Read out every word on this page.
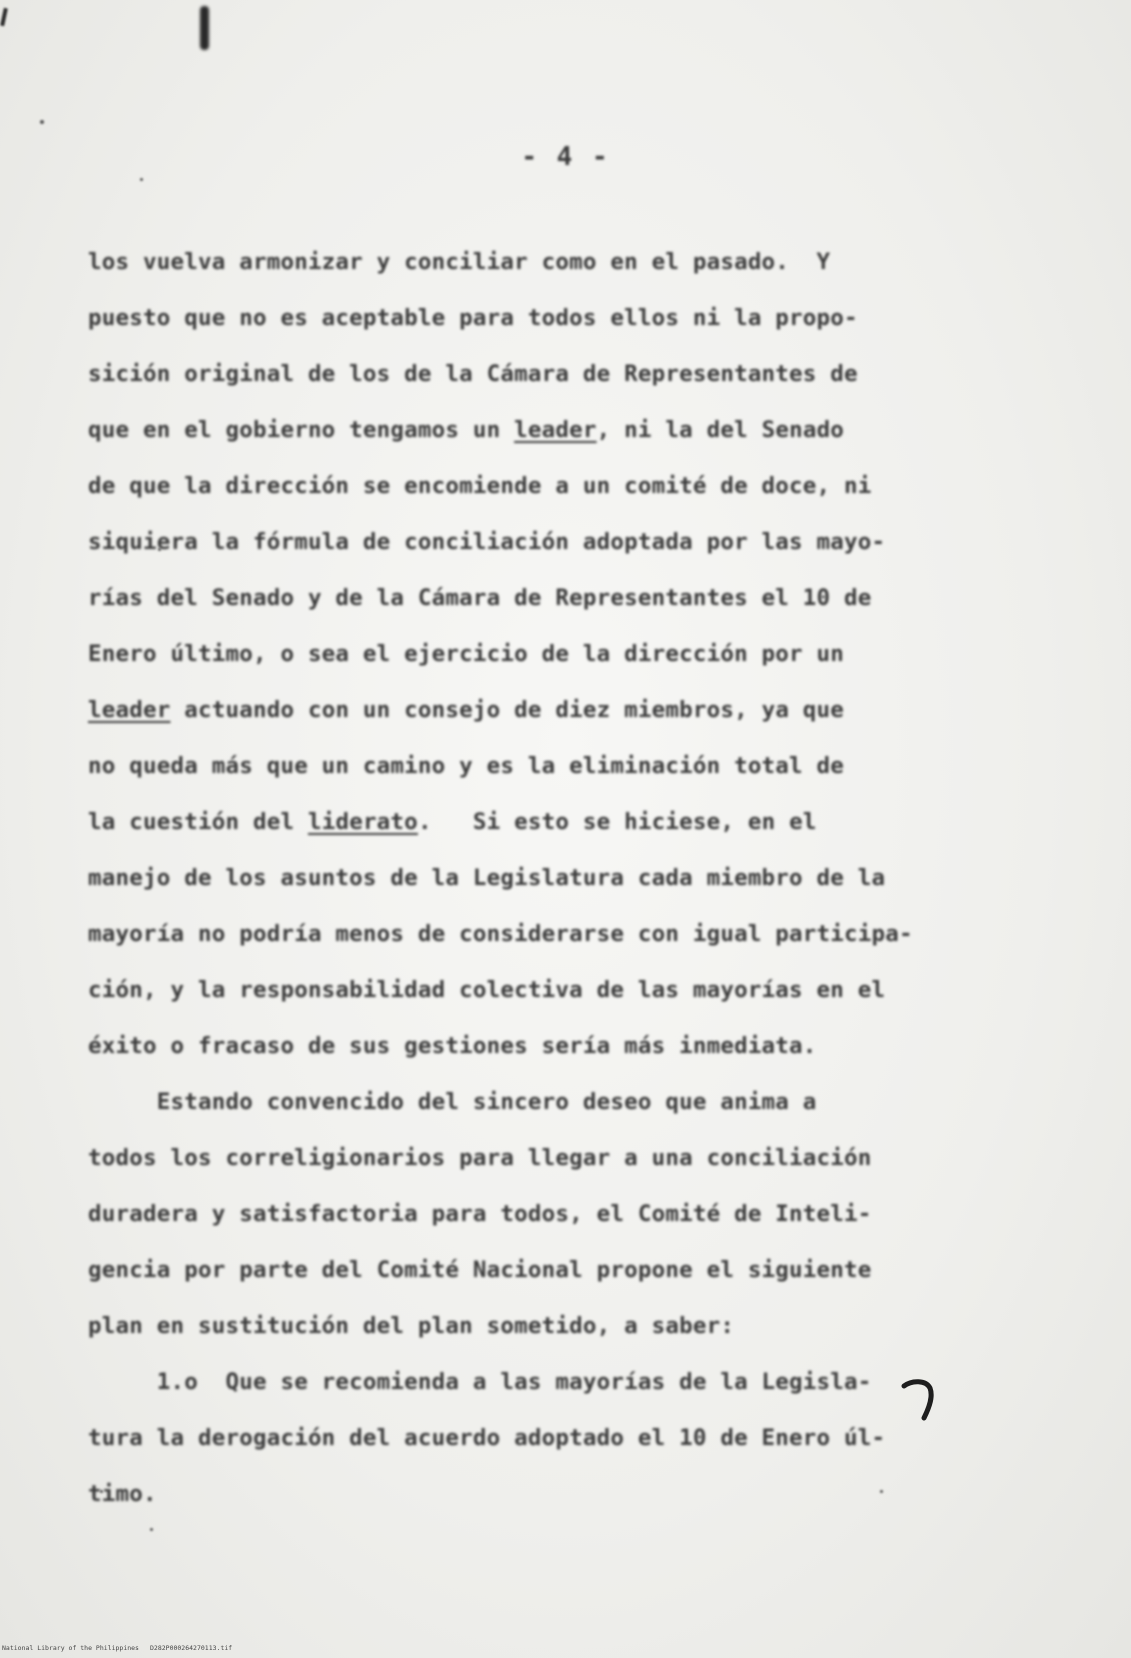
- 4 -
los vuelva armonizar y conciliar como en el pasado.  Y
puesto que no es aceptable para todos ellos ni la propo-
sición original de los de la Cámara de Representantes de
que en el gobierno tengamos un leader, ni la del Senado
de que la dirección se encomiende a un comité de doce, ni
siquiera la fórmula de conciliación adoptada por las mayo-
rías del Senado y de la Cámara de Representantes el 10 de
Enero último, o sea el ejercicio de la dirección por un
leader actuando con un consejo de diez miembros, ya que
no queda más que un camino y es la eliminación total de
la cuestión del liderato.   Si esto se hiciese, en el
manejo de los asuntos de la Legislatura cada miembro de la
mayoría no podría menos de considerarse con igual participa-
ción, y la responsabilidad colectiva de las mayorías en el
éxito o fracaso de sus gestiones sería más inmediata.
Estando convencido del sincero deseo que anima a
todos los correligionarios para llegar a una conciliación
duradera y satisfactoria para todos, el Comité de Inteli-
gencia por parte del Comité Nacional propone el siguiente
plan en sustitución del plan sometido, a saber:
1.o  Que se recomienda a las mayorías de la Legisla-
tura la derogación del acuerdo adoptado el 10 de Enero úl-
timo.
National Library of the Philippines D282P000264270113.tif
